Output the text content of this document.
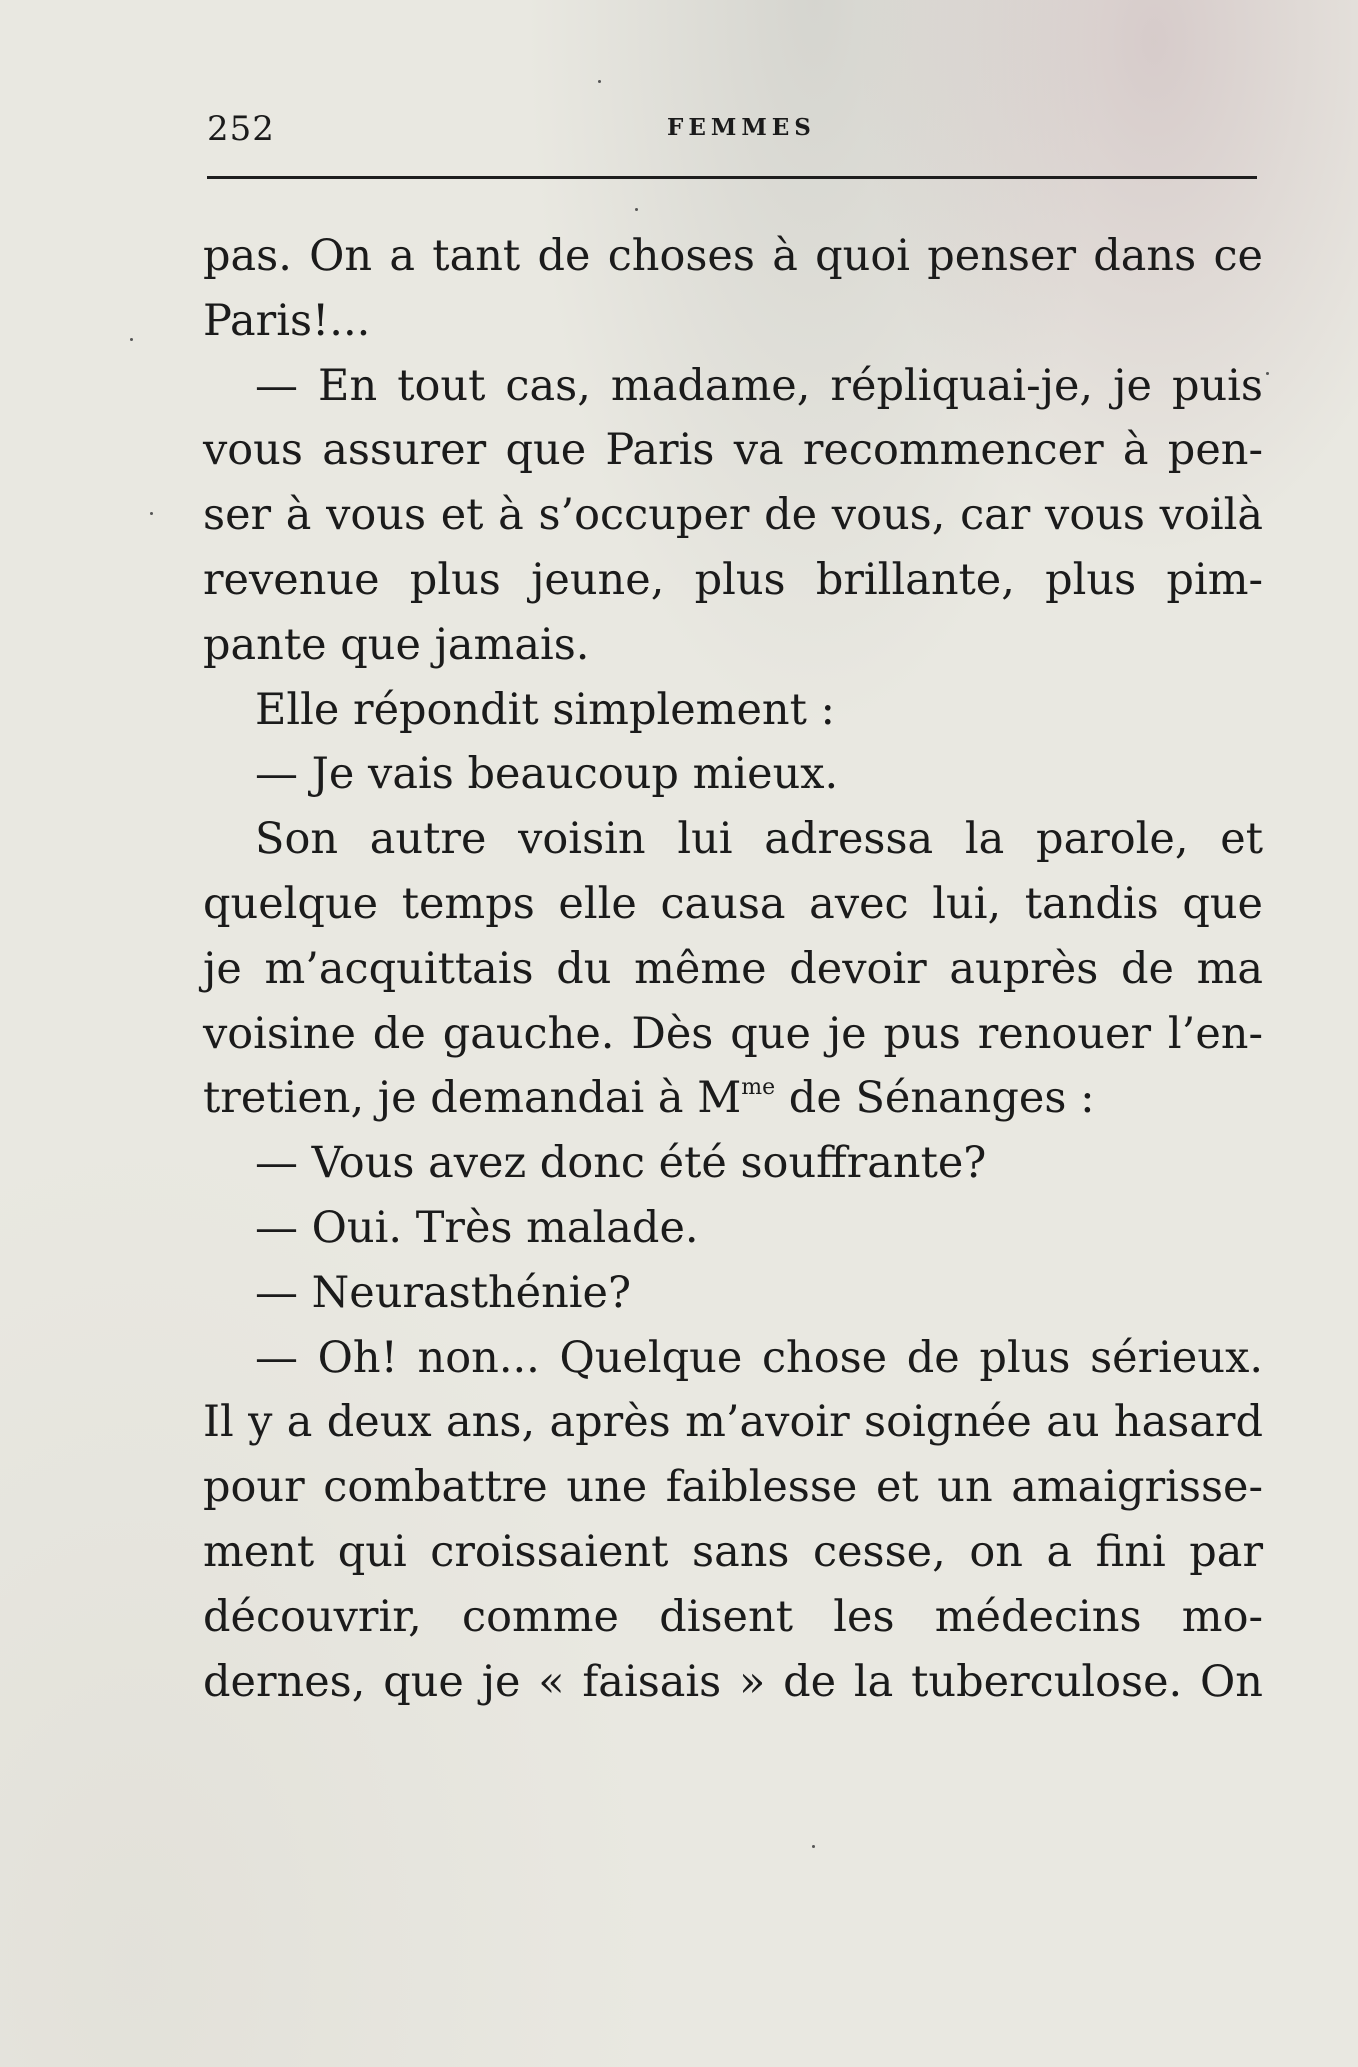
252	FEMMES
pas. On a tant de choses à quoi penser dans ce
Paris!...
— En tout cas, madame, répliquai-je, je puis
vous assurer que Paris va recommencer à pen-
ser à vous et à s’occuper de vous, car vous voilà
revenue plus jeune, plus brillante, plus pim-
pante que jamais.
Elle répondit simplement :
— Je vais beaucoup mieux.
Son autre voisin lui adressa la parole, et
quelque temps elle causa avec lui, tandis que
je m’acquittais du même devoir auprès de ma
voisine de gauche. Dès que je pus renouer l’en-
tretien, je demandai à $M^{me}$ de Sénanges :
— Vous avez donc été souffrante?
— Oui. Très malade.
— Neurasthénie?
— Oh! non... Quelque chose de plus sérieux.
Il y a deux ans, après m’avoir soignée au hasard
pour combattre une faiblesse et un amaigrisse-
ment qui croissaient sans cesse, on a fini par
découvrir, comme disent les médecins mo-
dernes, que je « faisais » de la tuberculose. On
